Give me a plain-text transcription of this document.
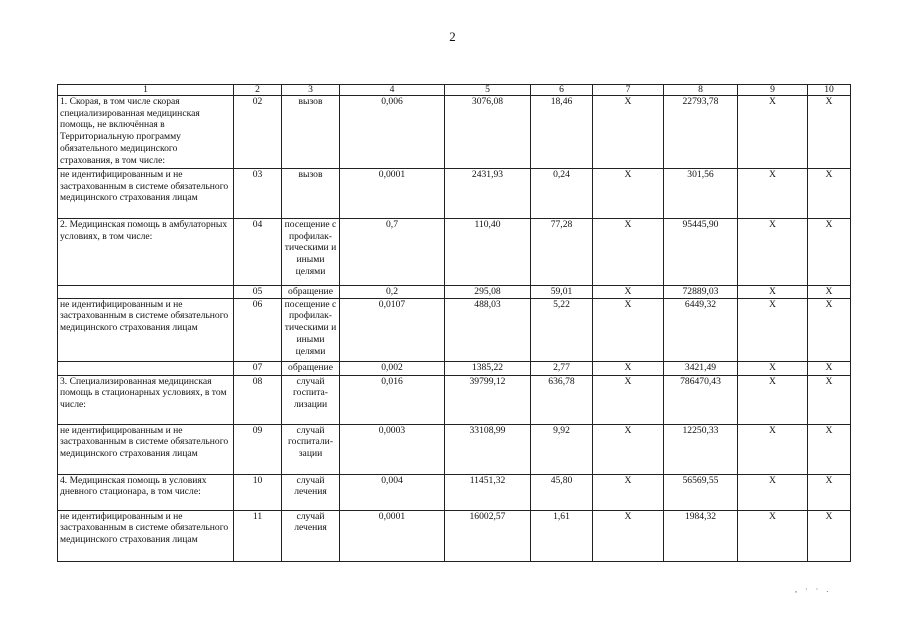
2
1	2	3	4	5	6	7	8	9	10
1. Скорая, в том числе скорая специализированная медицинская помощь, не включённая в Территориальную программу обязательного медицинского страхования, в том числе:	02	вызов	0,006	3076,08	18,46	Х	22793,78	Х	Х
не идентифицированным и не застрахованным в системе обязательного медицинского страхования лицам	03	вызов	0,0001	2431,93	0,24	Х	301,56	Х	Х
2. Медицинская помощь в амбулаторных условиях, в том числе:	04	посещение с профилак-тическими и иными целями	0,7	110,40	77,28	Х	95445,90	Х	Х
	05	обращение	0,2	295,08	59,01	Х	72889,03	Х	Х
не идентифицированным и не застрахованным в системе обязательного медицинского страхования лицам	06	посещение с профилак-тическими и иными целями	0,0107	488,03	5,22	Х	6449,32	Х	Х
	07	обращение	0,002	1385,22	2,77	Х	3421,49	Х	Х
3. Специализированная медицинская помощь в стационарных условиях, в том числе:	08	случай госпита-лизации	0,016	39799,12	636,78	Х	786470,43	Х	Х
не идентифицированным и не застрахованным в системе обязательного медицинского страхования лицам	09	случай госпитали-зации	0,0003	33108,99	9,92	Х	12250,33	Х	Х
4. Медицинская помощь в условиях дневного стационара, в том числе:	10	случай лечения	0,004	11451,32	45,80	Х	56569,55	Х	Х
не идентифицированным и не застрахованным в системе обязательного медицинского страхования лицам	11	случай лечения	0,0001	16002,57	1,61	Х	1984,32	Х	Х
, · · .
